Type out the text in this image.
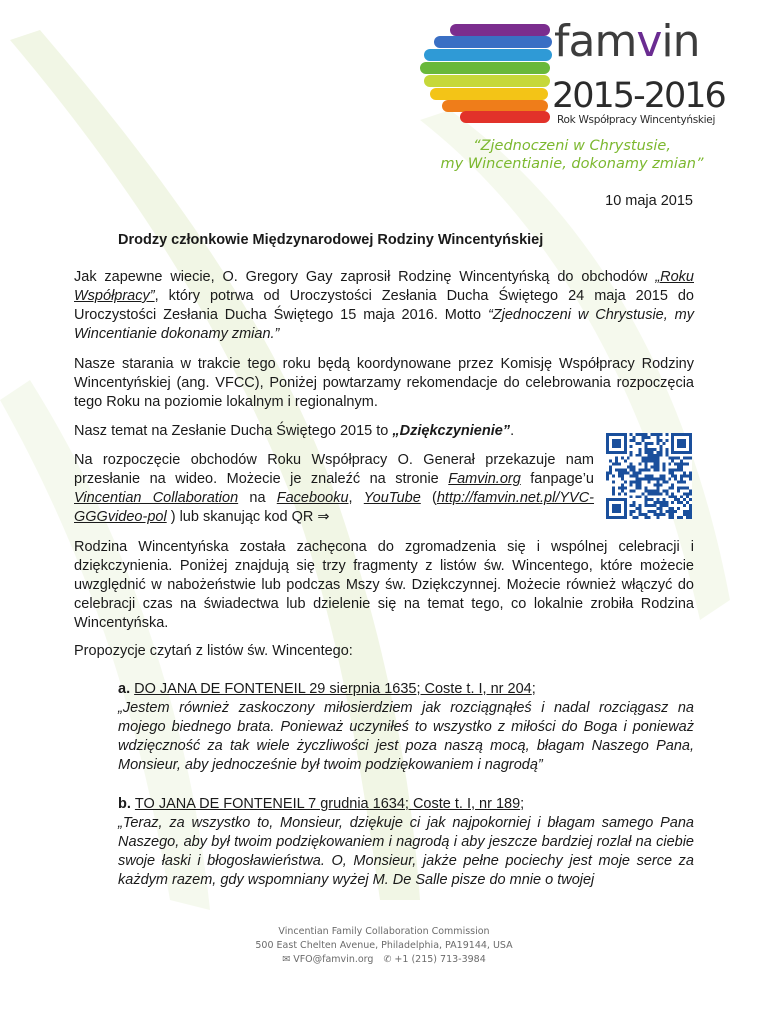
famvin
2015-2016
Rok Współpracy Wincentyńskiej
“Zjednoczeni w Chrystusie,
my Wincentianie, dokonamy zmian”
10 maja 2015
Drodzy członkowie Międzynarodowej Rodziny Wincentyńskiej
Jak zapewne wiecie, O. Gregory Gay zaprosił Rodzinę Wincentyńską do obchodów „Roku Współpracy”, który potrwa od Uroczystości Zesłania Ducha Świętego 24 maja 2015 do Uroczystości Zesłania Ducha Świętego 15 maja 2016. Motto “Zjednoczeni w Chrystusie, my Wincentianie dokonamy zmian.”
Nasze starania w trakcie tego roku będą koordynowane przez Komisję Współpracy Rodziny Wincentyńskiej (ang. VFCC), Poniżej powtarzamy rekomendacje do celebrowania rozpoczęcia tego Roku na poziomie lokalnym i regionalnym.
Nasz temat na Zesłanie Ducha Świętego 2015 to „Dziękczynienie”.
Na rozpoczęcie obchodów Roku Współpracy O. Generał przekazuje nam przesłanie na wideo. Możecie je znaleźć na stronie Famvin.org fanpage’u Vincentian Collaboration na Facebooku, YouTube (http://famvin.net.pl/YVC-GGGvideo-pol ) lub skanując kod QR ⇒
Rodzina Wincentyńska została zachęcona do zgromadzenia się i wspólnej celebracji i dziękczynienia. Poniżej znajdują się trzy fragmenty z listów św. Wincentego, które możecie uwzględnić w nabożeństwie lub podczas Mszy św. Dziękczynnej. Możecie również włączyć do celebracji czas na świadectwa lub dzielenie się na temat tego, co lokalnie zrobiła Rodzina Wincentyńska.
Propozycje czytań z listów św. Wincentego:
a. DO JANA DE FONTENEIL 29 sierpnia 1635; Coste t. I, nr 204;
„Jestem również zaskoczony miłosierdziem jak rozciągnąłeś i nadal rozciągasz na mojego biednego brata. Ponieważ uczyniłeś to wszystko z miłości do Boga i ponieważ wdzięczność za tak wiele życzliwości jest poza naszą mocą, błagam Naszego Pana, Monsieur, aby jednocześnie był twoim podziękowaniem i nagrodą”
b. TO JANA DE FONTENEIL 7 grudnia 1634; Coste t. I, nr 189;
„Teraz, za wszystko to, Monsieur, dziękuje ci jak najpokorniej i błagam samego Pana Naszego, aby był twoim podziękowaniem i nagrodą i aby jeszcze bardziej rozlał na ciebie swoje łaski i błogosławieństwa. O, Monsieur, jakże pełne pociechy jest moje serce za każdym razem, gdy wspomniany wyżej M. De Salle pisze do mnie o twojej
Vincentian Family Collaboration Commission
500 East Chelten Avenue, Philadelphia, PA19144, USA
✉ VFO@famvin.org ✆ +1 (215) 713-3984
